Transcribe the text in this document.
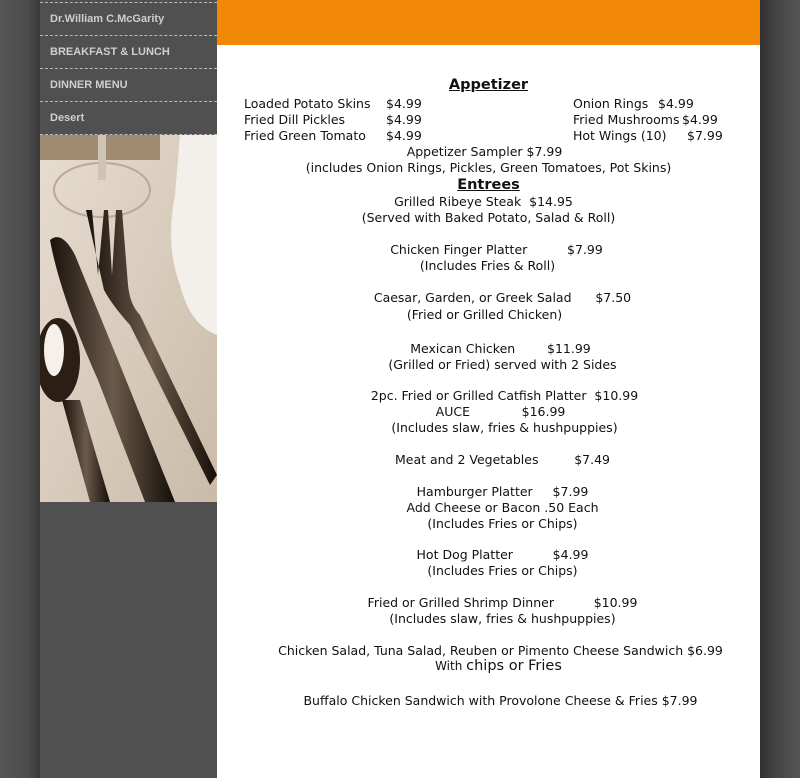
Dr.William C.McGarity
BREAKFAST & LUNCH
DINNER MENU
Desert
Appetizer
Loaded Potato Skins $4.99
Fried Dill Pickles	$4.99
Fried Green Tomato $4.99
Onion Rings $4.99
Fried Mushrooms $4.99
Hot Wings (10) $7.99
Appetizer Sampler $7.99
(includes Onion Rings, Pickles, Green Tomatoes, Pot Skins)
Entrees
Grilled Ribeye Steak  $14.95
(Served with Baked Potato, Salad & Roll)
Chicken Finger Platter          $7.99
(Includes Fries & Roll)
Caesar, Garden, or Greek Salad      $7.50
(Fried or Grilled Chicken)
Mexican Chicken        $11.99
(Grilled or Fried) served with 2 Sides
2pc. Fried or Grilled Catfish Platter  $10.99
AUCE             $16.99
(Includes slaw, fries & hushpuppies)
Meat and 2 Vegetables         $7.49
Hamburger Platter     $7.99
Add Cheese or Bacon .50 Each
(Includes Fries or Chips)
Hot Dog Platter          $4.99
(Includes Fries or Chips)
Fried or Grilled Shrimp Dinner          $10.99
(Includes slaw, fries & hushpuppies)
Chicken Salad, Tuna Salad, Reuben or Pimento Cheese Sandwich $6.99
With chips or Fries
Buffalo Chicken Sandwich with Provolone Cheese & Fries $7.99
